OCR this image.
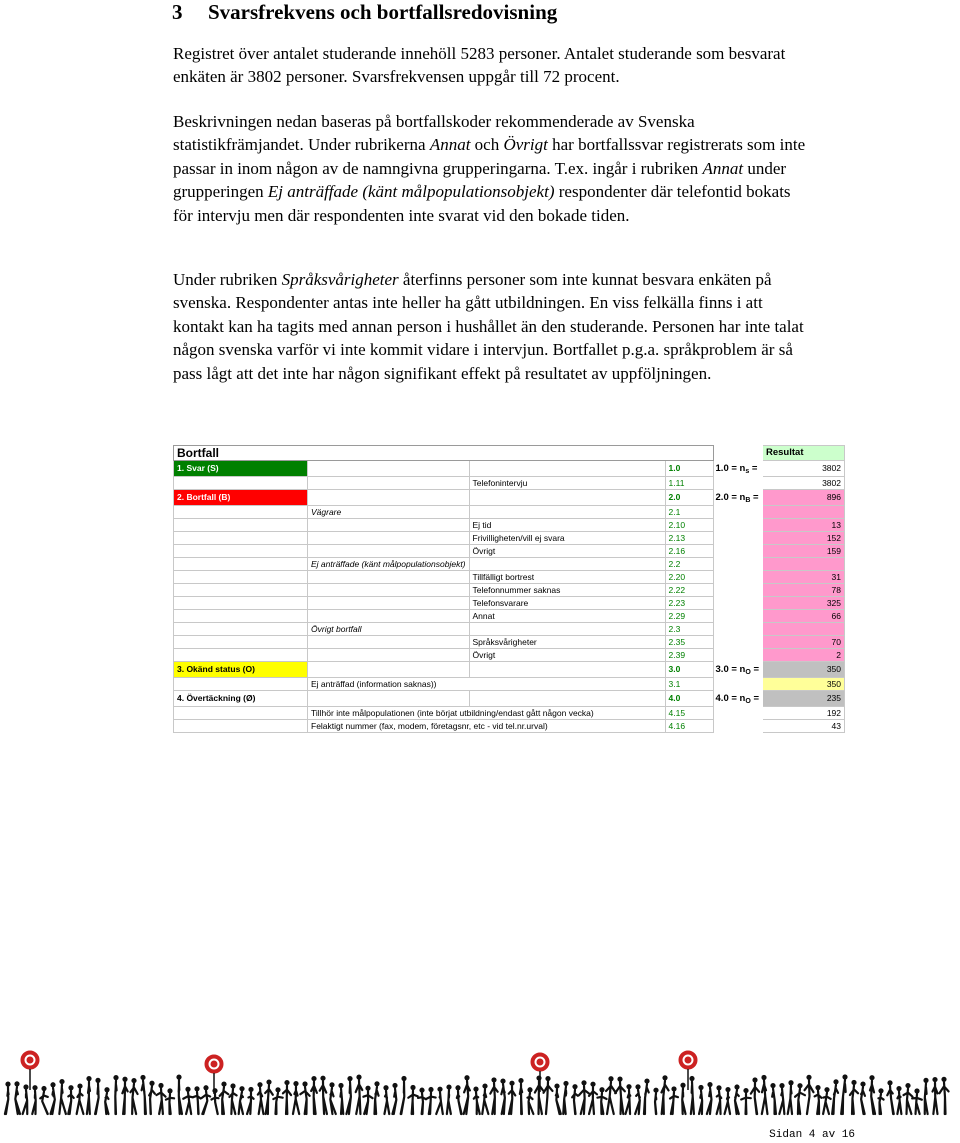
3 Svarsfrekvens och bortfallsredovisning

Registret över antalet studerande innehöll 5283 personer. Antalet studerande som besvarat enkäten är 3802 personer. Svarsfrekvensen uppgår till 72 procent.

Beskrivningen nedan baseras på bortfallskoder rekommenderade av Svenska statistikfrämjandet. Under rubrikerna Annat och Övrigt har bortfallssvar registrerats som inte passar in inom någon av de namngivna grupperingarna. T.ex. ingår i rubriken Annat under grupperingen Ej anträffade (känt målpopulationsobjekt) respondenter där telefontid bokats för intervju men där respondenten inte svarat vid den bokade tiden.

Under rubriken Språksvårigheter återfinns personer som inte kunnat besvara enkäten på svenska. Respondenter antas inte heller ha gått utbildningen. En viss felkälla finns i att kontakt kan ha tagits med annan person i hushållet än den studerande. Personen har inte talat någon svenska varför vi inte kommit vidare i intervjun. Bortfallet p.g.a. språkproblem är så pass lågt att det inte har någon signifikant effekt på resultatet av uppföljningen.

Bortfall					Resultat
1. Svar (S)			1.0	$1.0 = n_s$ =	3802
		Telefonintervju	1.11		3802
2. Bortfall (B)			2.0	$2.0 = n_B$ =	896
	Vägrare		2.1		
		Ej tid	2.10		13
		Frivilligheten/vill ej svara	2.13		152
		Övrigt	2.16		159
	Ej anträffade (känt målpopulationsobjekt)		2.2		
		Tillfälligt bortrest	2.20		31
		Telefonnummer saknas	2.22		78
		Telefonsvarare	2.23		325
		Annat	2.29		66
	Övrigt bortfall		2.3		
		Språksvårigheter	2.35		70
		Övrigt	2.39		2
3. Okänd status (O)			3.0	$3.0 = n_O$ =	350
	Ej anträffad (information saknas))		3.1		350
4. Övertäckning (Ø)			4.0	$4.0 = n_O$ =	235
	Tillhör inte målpopulationen (inte börjat utbildning/endast gått någon vecka)		4.15		192
	Felaktigt nummer (fax, modem, företagsnr, etc - vid tel.nr.urval)		4.16		43
Sidan 4 av 16
